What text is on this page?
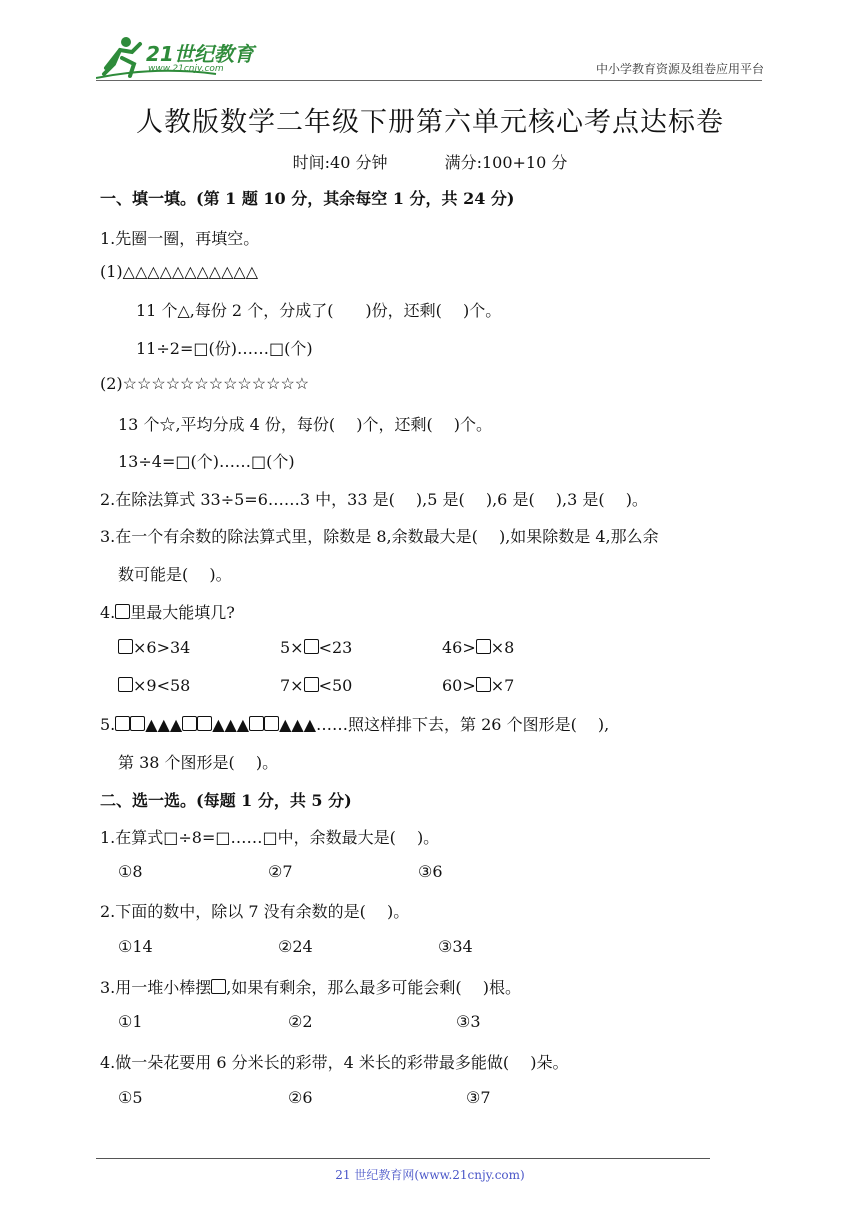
21世纪教育
www.21cnjy.com	中小学教育资源及组卷应用平台
人教版数学二年级下册第六单元核心考点达标卷
时间:40 分钟	满分:100+10 分
一、填一填。(第 1 题 10 分，其余每空 1 分，共 24 分)
1.先圈一圈，再填空。
(1)△△△△△△△△△△△
11 个△,每份 2 个，分成了(　　)份，还剩(　 )个。
11÷2=□(份)……□(个)
(2)☆☆☆☆☆☆☆☆☆☆☆☆☆
13 个☆,平均分成 4 份，每份(　 )个，还剩(　 )个。
13÷4=□(个)……□(个)
2.在除法算式 33÷5=6……3 中，33 是(　 ),5 是(　 ),6 是(　 ),3 是(　 )。
3.在一个有余数的除法算式里，除数是 8,余数最大是(　 ),如果除数是 4,那么余
数可能是(　 )。
4. 里最大能填几?
×6>34	5× <23	46> ×8
×9<58	7× <50	60> ×7
5. ▲▲▲ ▲▲▲ ▲▲▲……照这样排下去，第 26 个图形是(　 ),
第 38 个图形是(　 )。
二、选一选。(每题 1 分，共 5 分)
1.在算式□÷8=□……□中，余数最大是(　 )。
①8	②7	③6
2.下面的数中，除以 7 没有余数的是(　 )。
①14	②24	③34
3.用一堆小棒摆 ,如果有剩余，那么最多可能会剩(　 )根。
①1	②2	③3
4.做一朵花要用 6 分米长的彩带，4 米长的彩带最多能做(　 )朵。
①5	②6	③7
21 世纪教育网(www.21cnjy.com)
